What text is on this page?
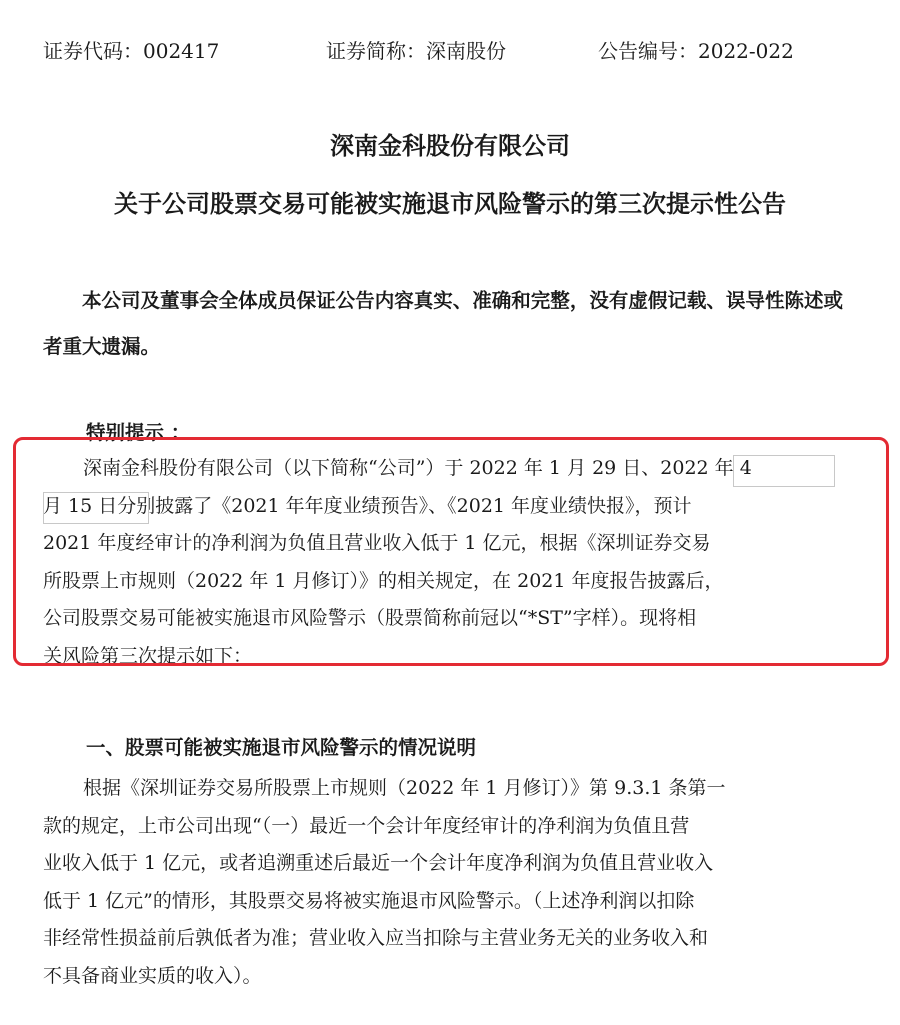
证券代码：002417	证券简称：深南股份	公告编号：2022-022
深南金科股份有限公司
关于公司股票交易可能被实施退市风险警示的第三次提示性公告
本公司及董事会全体成员保证公告内容真实、准确和完整，没有虚假记载、误导性陈述或者重大遗漏。
特别提示 ：
深南金科股份有限公司（以下简称“公司”）于 2022 年 1 月 29 日、2022 年 4
月 15 日分别披露了《2021 年年度业绩预告》、《2021 年度业绩快报》，预计
2021 年度经审计的净利润为负值且营业收入低于 1 亿元，根据《深圳证券交易
所股票上市规则（2022 年 1 月修订）》的相关规定，在 2021 年度报告披露后，
公司股票交易可能被实施退市风险警示（股票简称前冠以“*ST”字样）。现将相
关风险第三次提示如下：
一、股票可能被实施退市风险警示的情况说明
根据《深圳证券交易所股票上市规则（2022 年 1 月修订）》第 9.3.1 条第一
款的规定，上市公司出现“（一）最近一个会计年度经审计的净利润为负值且营
业收入低于 1 亿元，或者追溯重述后最近一个会计年度净利润为负值且营业收入
低于 1 亿元”的情形，其股票交易将被实施退市风险警示。（上述净利润以扣除
非经常性损益前后孰低者为准；营业收入应当扣除与主营业务无关的业务收入和
不具备商业实质的收入）。
